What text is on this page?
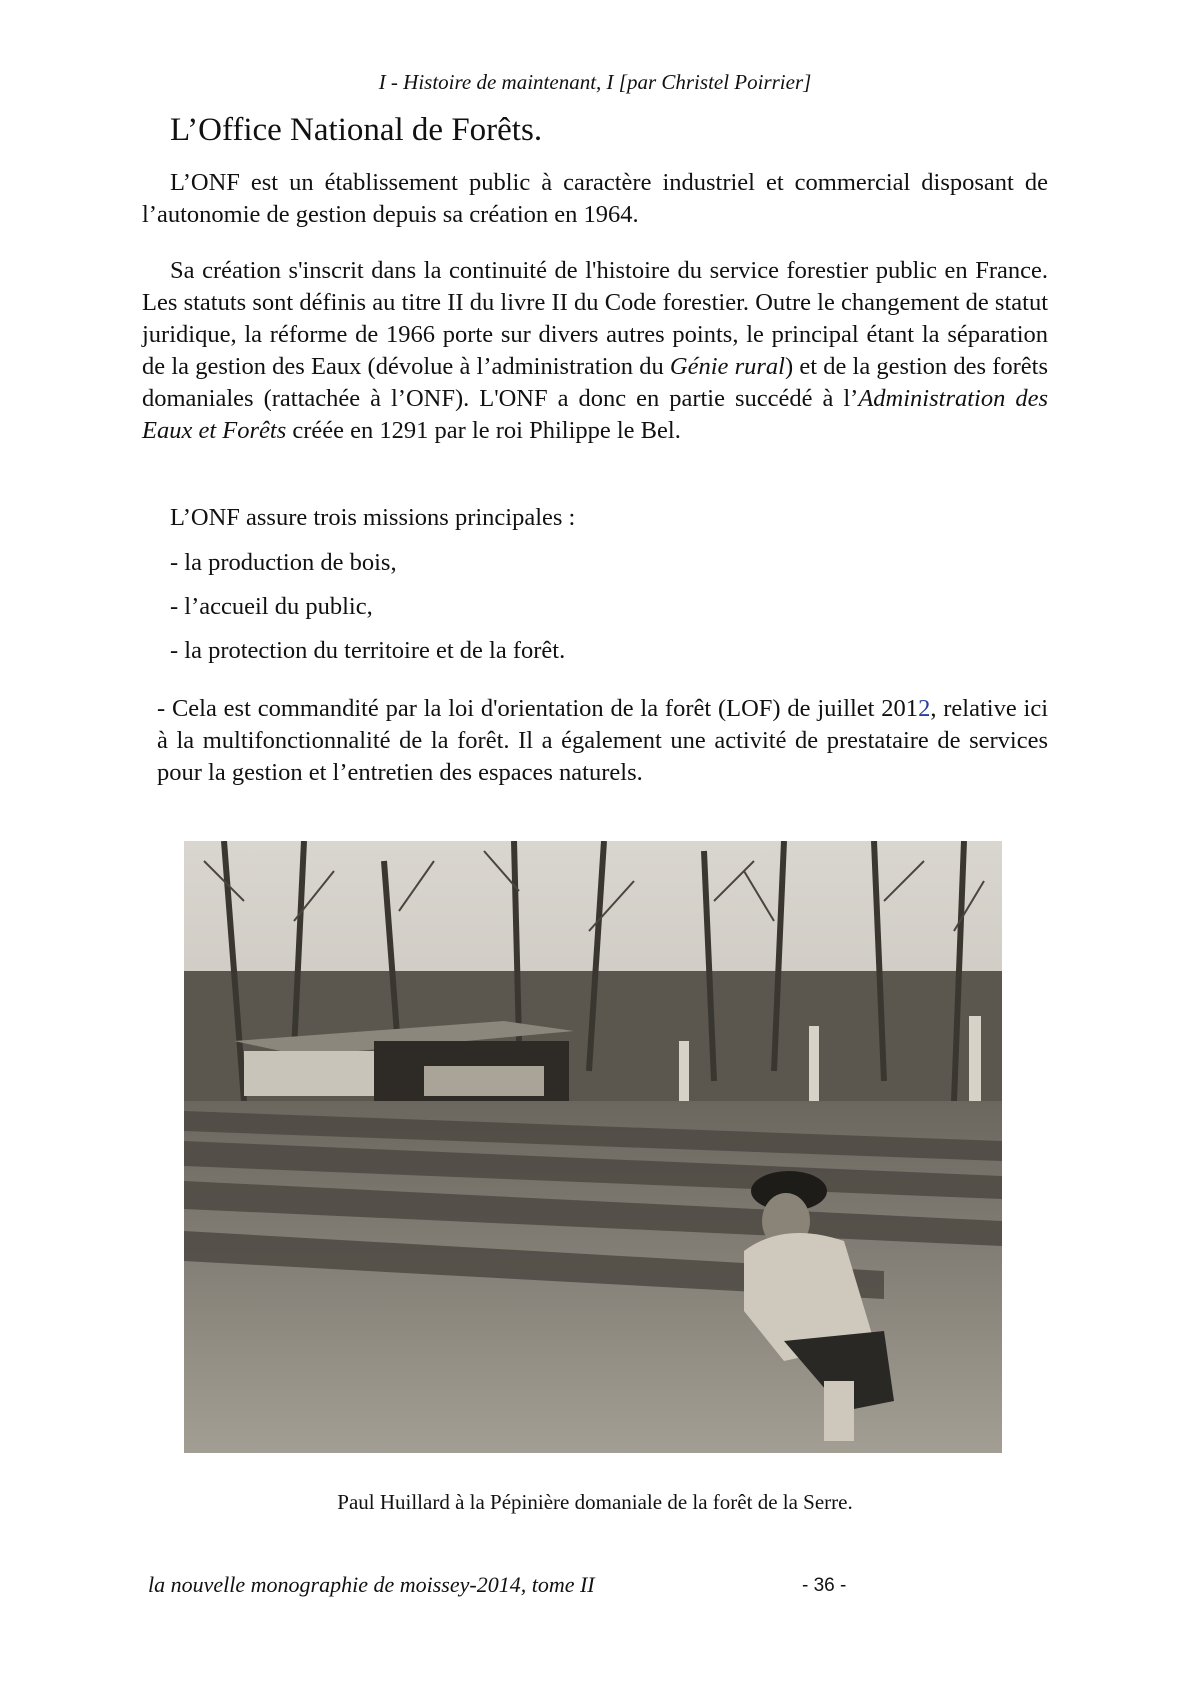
I - Histoire de maintenant, I [par Christel Poirrier]
L’Office National de Forêts.

L’ONF est un établissement public à caractère industriel et commercial disposant de l’autonomie de gestion depuis sa création en 1964.

Sa création s'inscrit dans la continuité de l'histoire du service forestier public en France. Les statuts sont définis au titre II du livre II du Code forestier. Outre le changement de statut juridique, la réforme de 1966 porte sur divers autres points, le principal étant la séparation de la gestion des Eaux (dévolue à l’administration du Génie rural) et de la gestion des forêts domaniales (rattachée à l’ONF). L'ONF a donc en partie succédé à l’Administration des Eaux et Forêts créée en 1291 par le roi Philippe le Bel.

L’ONF assure trois missions principales :

- la production de bois,
- l’accueil du public,
- la protection du territoire et de la forêt.

- Cela est commandité par la loi d'orientation de la forêt (LOF) de juillet 2012, relative ici à la multifonctionnalité de la forêt. Il a également une activité de prestataire de services pour la gestion et l’entretien des espaces naturels.

Paul Huillard à la Pépinière domaniale de la forêt de la Serre.
la nouvelle monographie de moissey-2014, tome II	- 36 -
